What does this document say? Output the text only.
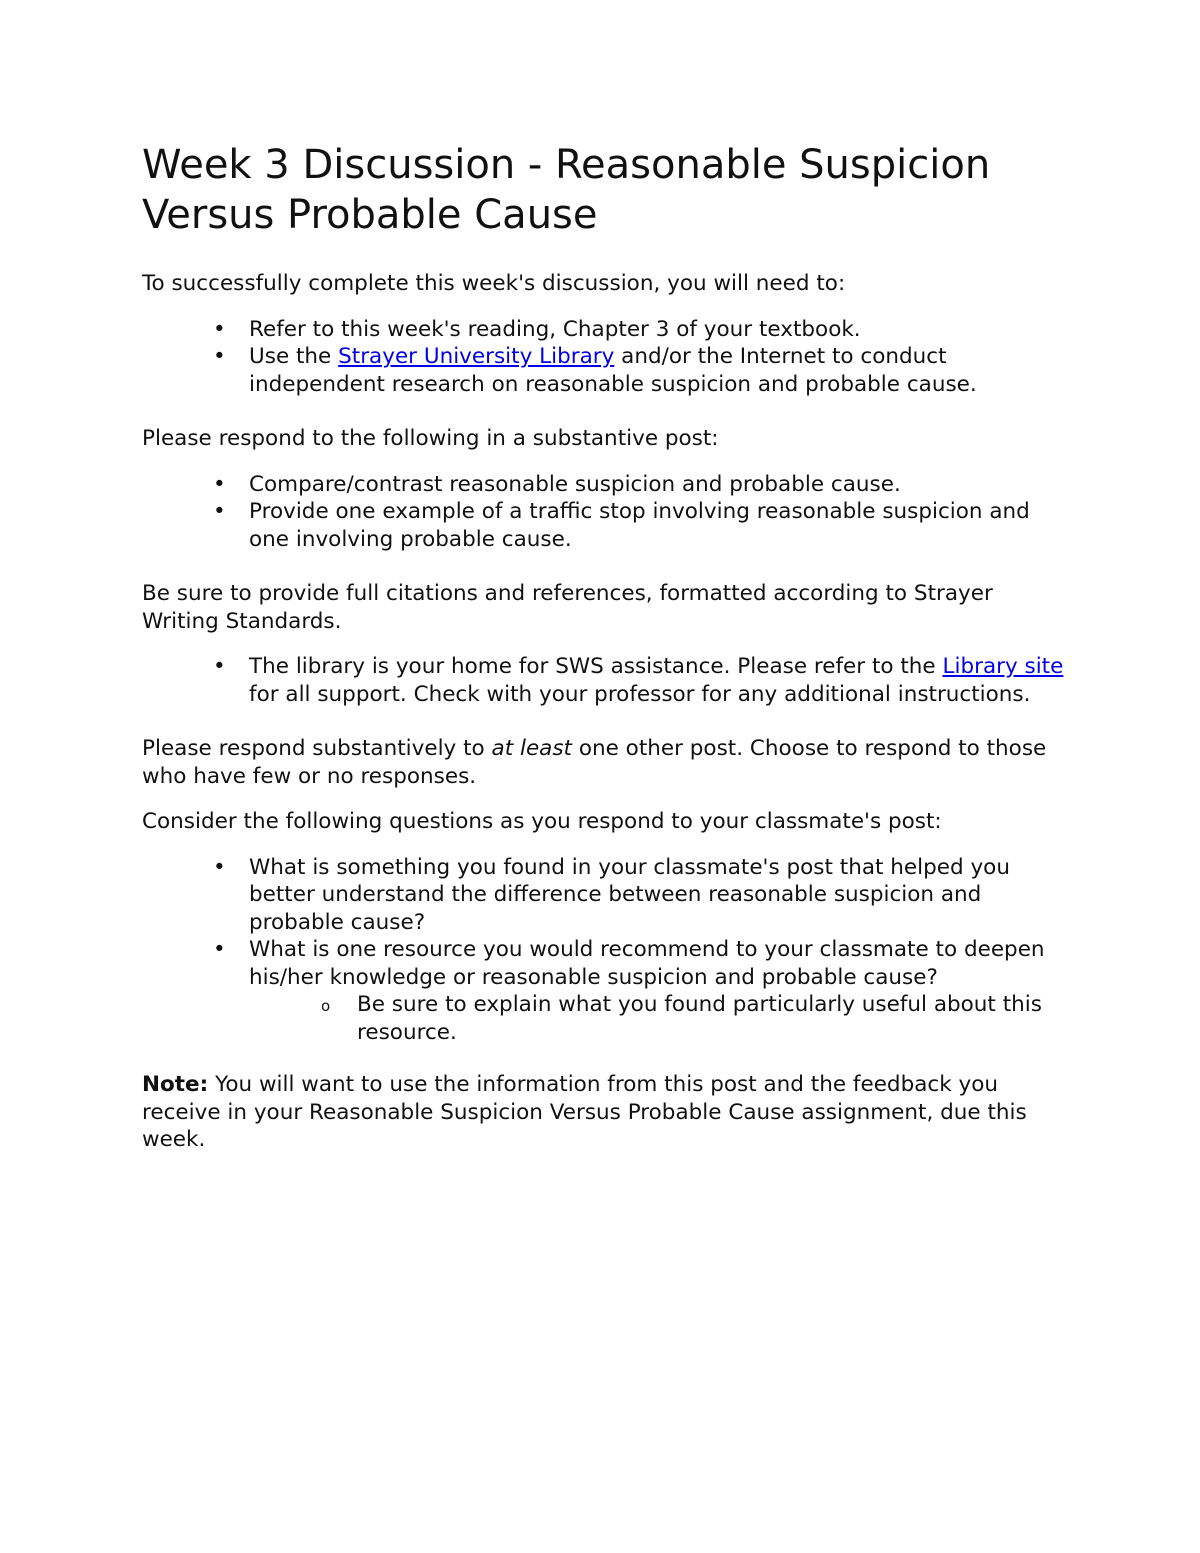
Week 3 Discussion - Reasonable Suspicion Versus Probable Cause

To successfully complete this week's discussion, you will need to:

• Refer to this week's reading, Chapter 3 of your textbook.
• Use the Strayer University Library and/or the Internet to conduct independent research on reasonable suspicion and probable cause.

Please respond to the following in a substantive post:

• Compare/contrast reasonable suspicion and probable cause.
• Provide one example of a traffic stop involving reasonable suspicion and one involving probable cause.

Be sure to provide full citations and references, formatted according to Strayer Writing Standards.

• The library is your home for SWS assistance. Please refer to the Library site for all support. Check with your professor for any additional instructions.

Please respond substantively to at least one other post. Choose to respond to those who have few or no responses.

Consider the following questions as you respond to your classmate's post:

• What is something you found in your classmate's post that helped you better understand the difference between reasonable suspicion and probable cause?
• What is one resource you would recommend to your classmate to deepen his/her knowledge or reasonable suspicion and probable cause?
o Be sure to explain what you found particularly useful about this resource.

Note: You will want to use the information from this post and the feedback you receive in your Reasonable Suspicion Versus Probable Cause assignment, due this week.
